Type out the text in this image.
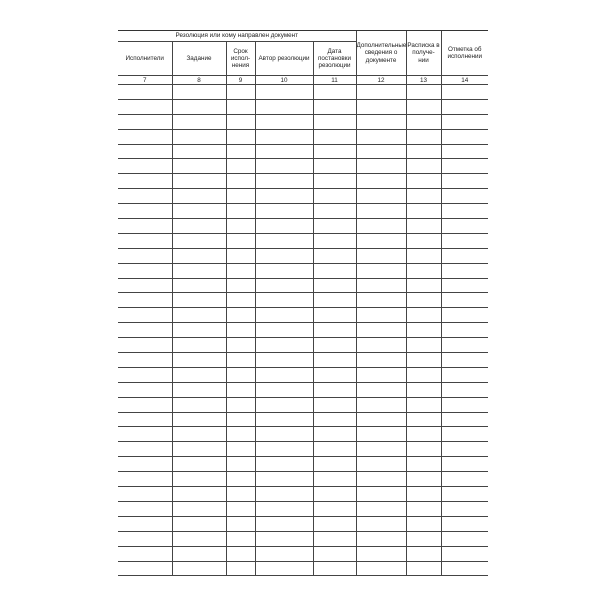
Резолюция или кому направлен документ					Дополнительные сведения о документе	Расписка в получе- нии	Отметка об исполнении
Исполнители	Задание	Срок испол- нения	Автор резолюции	Дата постановки резолюции			
7	8	9	10	11	12	13	14
